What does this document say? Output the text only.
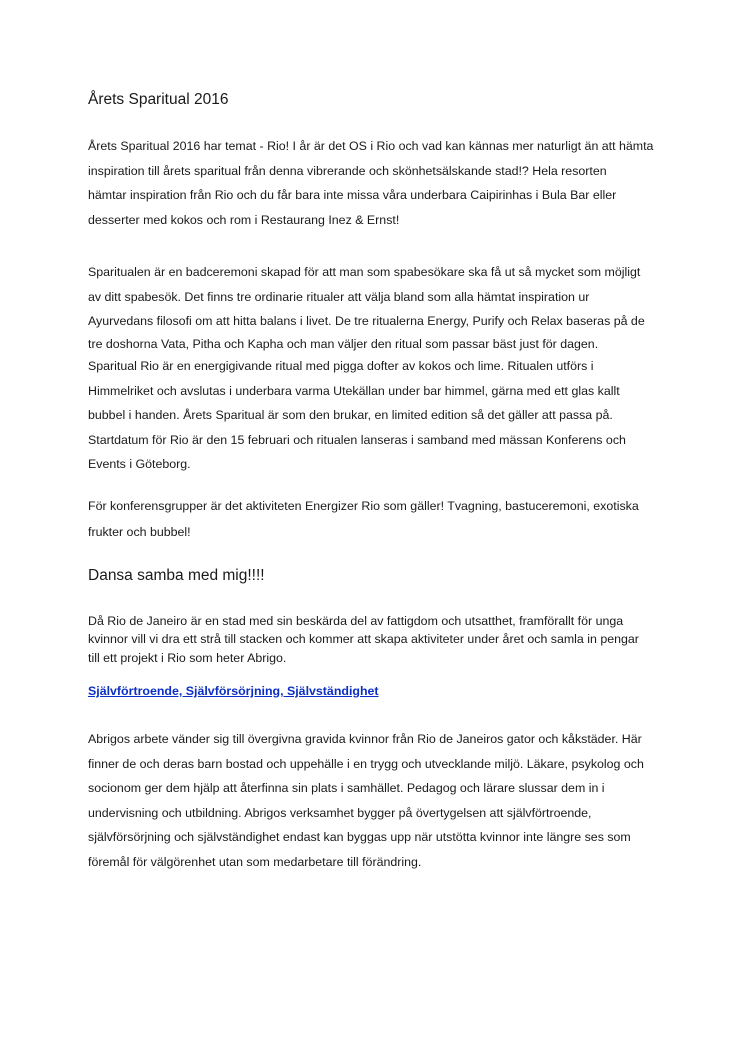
Årets Sparitual 2016

Årets Sparitual 2016 har temat - Rio! I år är det OS i Rio och vad kan kännas mer naturligt än att hämta
inspiration till årets sparitual från denna vibrerande och skönhetsälskande stad!? Hela resorten
hämtar inspiration från Rio och du får bara inte missa våra underbara Caipirinhas i Bula Bar eller
desserter med kokos och rom i Restaurang Inez & Ernst!

Sparitualen är en badceremoni skapad för att man som spabesökare ska få ut så mycket som möjligt
av ditt spabesök. Det finns tre ordinarie ritualer att välja bland som alla hämtat inspiration ur
Ayurvedans filosofi om att hitta balans i livet. De tre ritualerna Energy, Purify och Relax baseras på de
tre doshorna Vata, Pitha och Kapha och man väljer den ritual som passar bäst just för dagen.
Sparitual Rio är en energigivande ritual med pigga dofter av kokos och lime. Ritualen utförs i
Himmelriket och avslutas i underbara varma Utekällan under bar himmel, gärna med ett glas kallt
bubbel i handen. Årets Sparitual är som den brukar, en limited edition så det gäller att passa på.
Startdatum för Rio är den 15 februari och ritualen lanseras i samband med mässan Konferens och
Events i Göteborg.

För konferensgrupper är det aktiviteten Energizer Rio som gäller! Tvagning, bastuceremoni, exotiska
frukter och bubbel!

Dansa samba med mig!!!!

Då Rio de Janeiro är en stad med sin beskärda del av fattigdom och utsatthet, framförallt för unga
kvinnor vill vi dra ett strå till stacken och kommer att skapa aktiviteter under året och samla in pengar
till ett projekt i Rio som heter Abrigo.

Självförtroende, Självförsörjning, Självständighet

Abrigos arbete vänder sig till övergivna gravida kvinnor från Rio de Janeiros gator och kåkstäder. Här
finner de och deras barn bostad och uppehälle i en trygg och utvecklande miljö. Läkare, psykolog och
socionom ger dem hjälp att återfinna sin plats i samhället. Pedagog och lärare slussar dem in i
undervisning och utbildning. Abrigos verksamhet bygger på övertygelsen att självförtroende,
självförsörjning och självständighet endast kan byggas upp när utstötta kvinnor inte längre ses som
föremål för välgörenhet utan som medarbetare till förändring.
